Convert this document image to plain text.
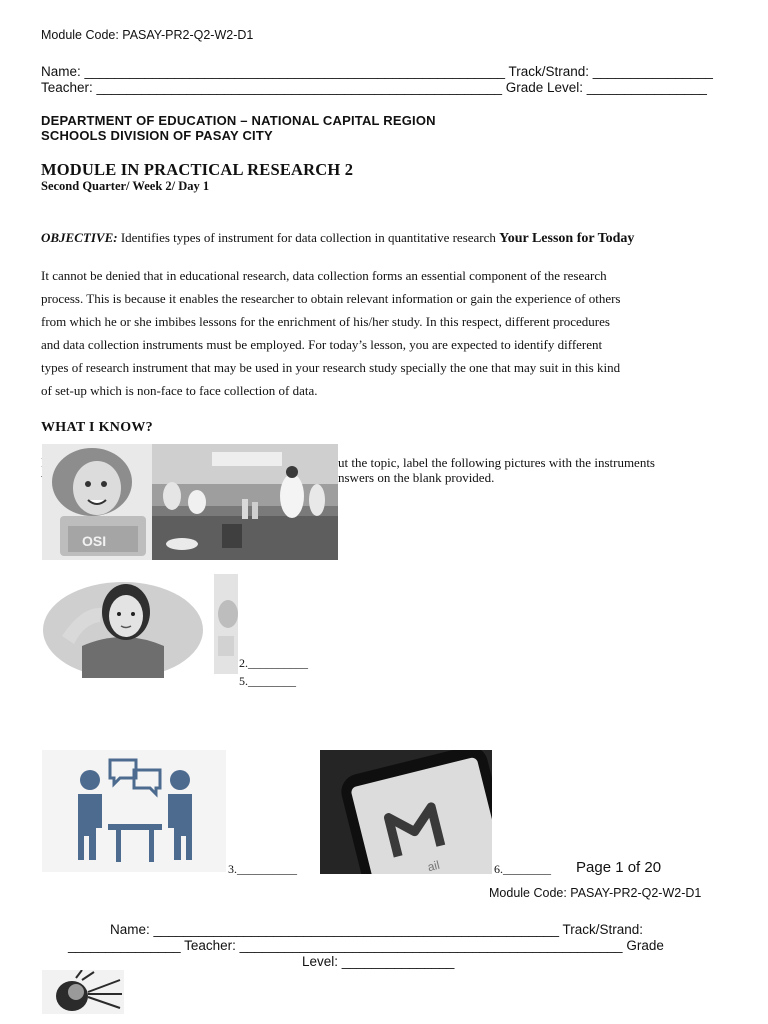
Module Code: PASAY-PR2-Q2-W2-D1
Name: ________________________________________________________ Track/Strand: ________________
Teacher: ______________________________________________________ Grade Level: ________________
DEPARTMENT OF EDUCATION – NATIONAL CAPITAL REGION
SCHOOLS DIVISION OF PASAY CITY
MODULE IN PRACTICAL RESEARCH 2
Second Quarter/ Week 2/ Day 1
OBJECTIVE: Identifies types of instrument for data collection in quantitative research Your Lesson for Today
It cannot be denied that in educational research, data collection forms an essential component of the research
process. This is because it enables the researcher to obtain relevant information or gain the experience of others
from which he or she imbibes lessons for the enrichment of his/her study. In this respect, different procedures
and data collection instruments must be employed. For today’s lesson, you are expected to identify different
types of research instrument that may be used in your research study specially the one that may suit in this kind
of set-up which is non-face to face collection of data.
WHAT I KNOW?
ut the topic, label the following pictures with the instruments
nswers on the blank provided.
OSI
2.__________
5.________
3.__________	ail	6.________ Page 1 of 20
Module Code: PASAY-PR2-Q2-W2-D1
Name: ______________________________________________________ Track/Strand:
_______________ Teacher: ___________________________________________________ Grade
Level: _______________
